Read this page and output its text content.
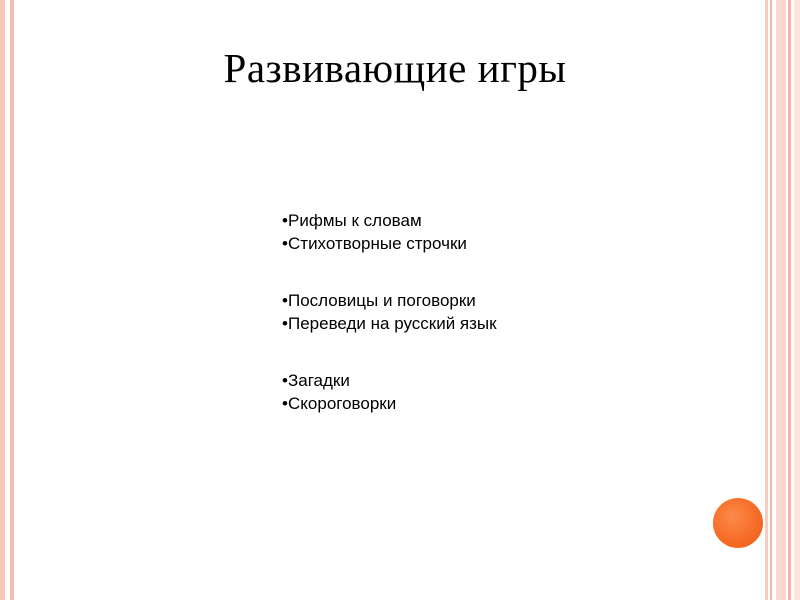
Развивающие игры
•Рифмы к словам
•Стихотворные строчки
•Пословицы и поговорки
•Переведи на русский язык
•Загадки
•Скороговорки
